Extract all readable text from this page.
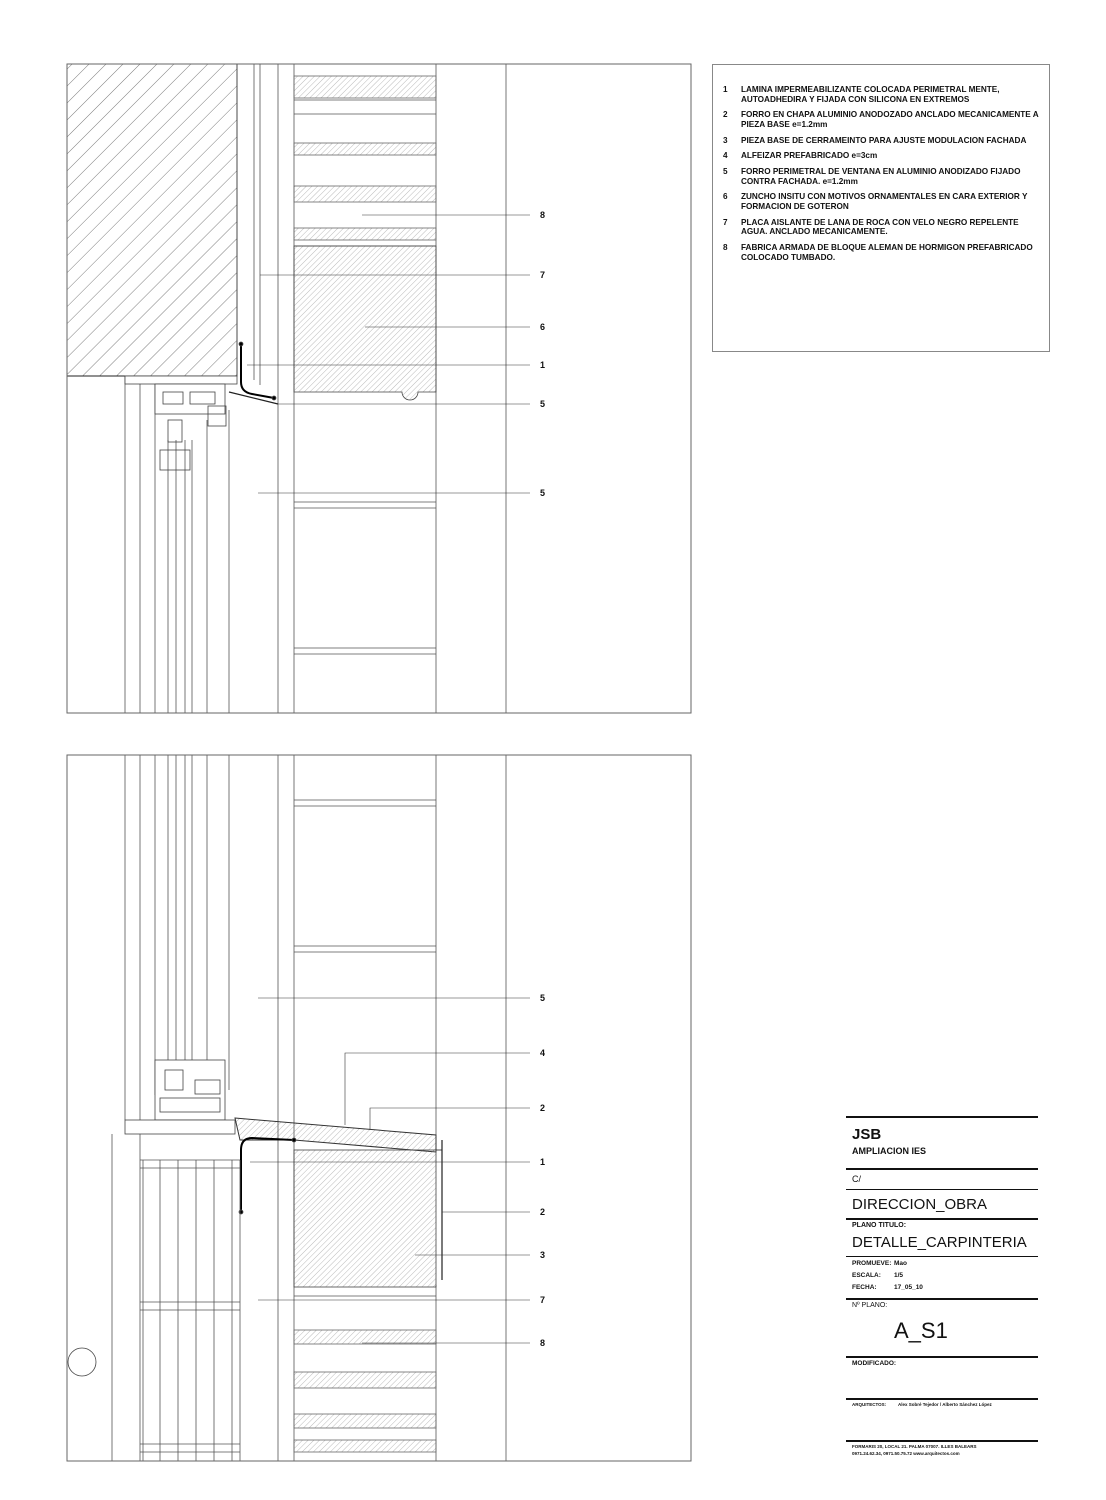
8
7
6
1
5
5
5
4
2
1
2
3
7
8
1	LAMINA IMPERMEABILIZANTE COLOCADA PERIMETRAL MENTE, AUTOADHEDIRA Y FIJADA CON SILICONA EN EXTREMOS
2	FORRO EN CHAPA ALUMINIO ANODOZADO ANCLADO MECANICAMENTE A PIEZA BASE e=1.2mm
3	PIEZA BASE DE CERRAMEINTO PARA AJUSTE MODULACION FACHADA
4	ALFEIZAR PREFABRICADO e=3cm
5	FORRO PERIMETRAL DE VENTANA EN ALUMINIO ANODIZADO FIJADO CONTRA FACHADA. e=1.2mm
6	ZUNCHO INSITU CON MOTIVOS ORNAMENTALES EN CARA EXTERIOR Y FORMACION DE GOTERON
7	PLACA AISLANTE DE LANA DE ROCA CON VELO NEGRO REPELENTE AGUA. ANCLADO MECANICAMENTE.
8	FABRICA ARMADA DE BLOQUE ALEMAN DE HORMIGON PREFABRICADO COLOCADO TUMBADO.
JSB
AMPLIACION IES
C/
DIRECCION_OBRA
PLANO TITULO:
DETALLE_CARPINTERIA
PROMUEVE: Mao
ESCALA: 1/5
FECHA:	17_05_10
Nº PLANO:
A_S1
MODIFICADO:
ARQUITECTOS:	Alex Sobré Tejedor / Alberto Sánchez López
FORMARIS 20, LOCAL 21. PALMA 07007. ILLES BALEARS
0971.24.62.34, 0971.50.75.72 www.arquitectos.com
